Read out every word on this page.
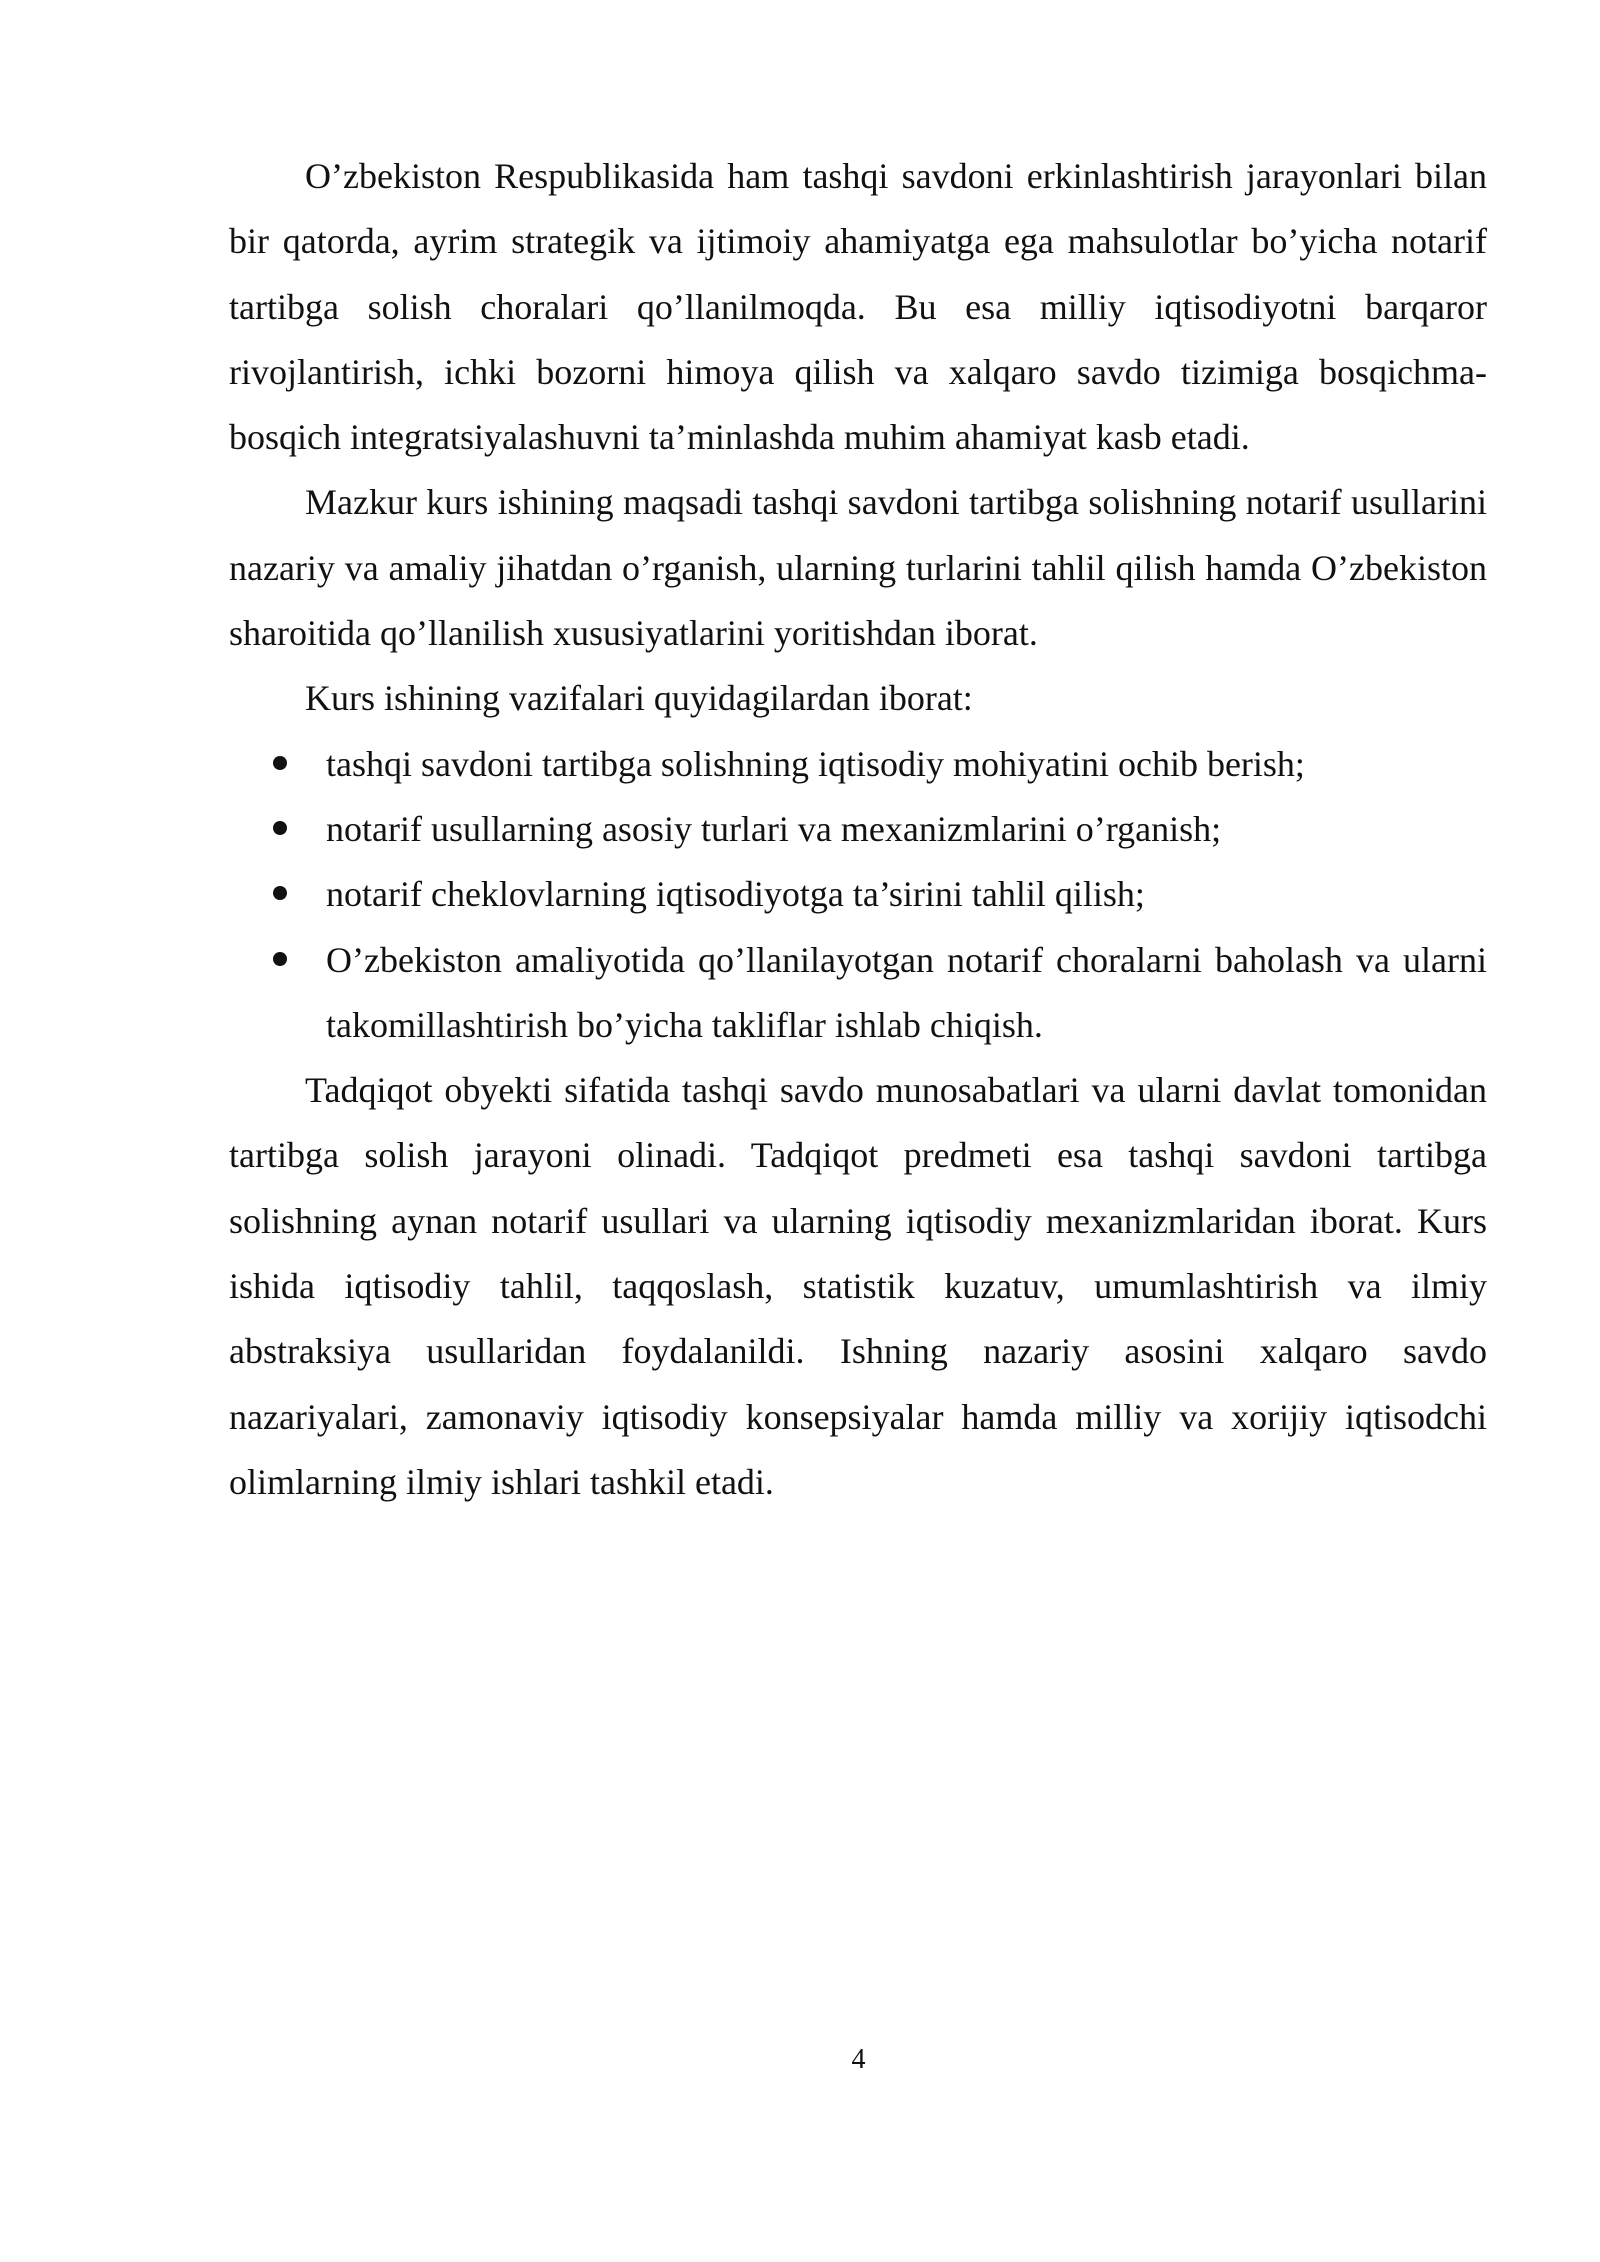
O’zbekiston Respublikasida ham tashqi savdoni erkinlashtirish jarayonlari bilan bir qatorda, ayrim strategik va ijtimoiy ahamiyatga ega mahsulotlar bo’yicha notarif tartibga solish choralari qo’llanilmoqda. Bu esa milliy iqtisodiyotni barqaror rivojlantirish, ichki bozorni himoya qilish va xalqaro savdo tizimiga bosqichma-bosqich integratsiyalashuvni ta’minlashda muhim ahamiyat kasb etadi.

Mazkur kurs ishining maqsadi tashqi savdoni tartibga solishning notarif usullarini nazariy va amaliy jihatdan o’rganish, ularning turlarini tahlil qilish hamda O’zbekiston sharoitida qo’llanilish xususiyatlarini yoritishdan iborat.

Kurs ishining vazifalari quyidagilardan iborat:

tashqi savdoni tartibga solishning iqtisodiy mohiyatini ochib berish;
notarif usullarning asosiy turlari va mexanizmlarini o’rganish;
notarif cheklovlarning iqtisodiyotga ta’sirini tahlil qilish;
O’zbekiston amaliyotida qo’llanilayotgan notarif choralarni baholash va ularni takomillashtirish bo’yicha takliflar ishlab chiqish.

Tadqiqot obyekti sifatida tashqi savdo munosabatlari va ularni davlat tomonidan tartibga solish jarayoni olinadi. Tadqiqot predmeti esa tashqi savdoni tartibga solishning aynan notarif usullari va ularning iqtisodiy mexanizmlaridan iborat. Kurs ishida iqtisodiy tahlil, taqqoslash, statistik kuzatuv, umumlashtirish va ilmiy abstraksiya usullaridan foydalanildi. Ishning nazariy asosini xalqaro savdo nazariyalari, zamonaviy iqtisodiy konsepsiyalar hamda milliy va xorijiy iqtisodchi olimlarning ilmiy ishlari tashkil etadi.

4
